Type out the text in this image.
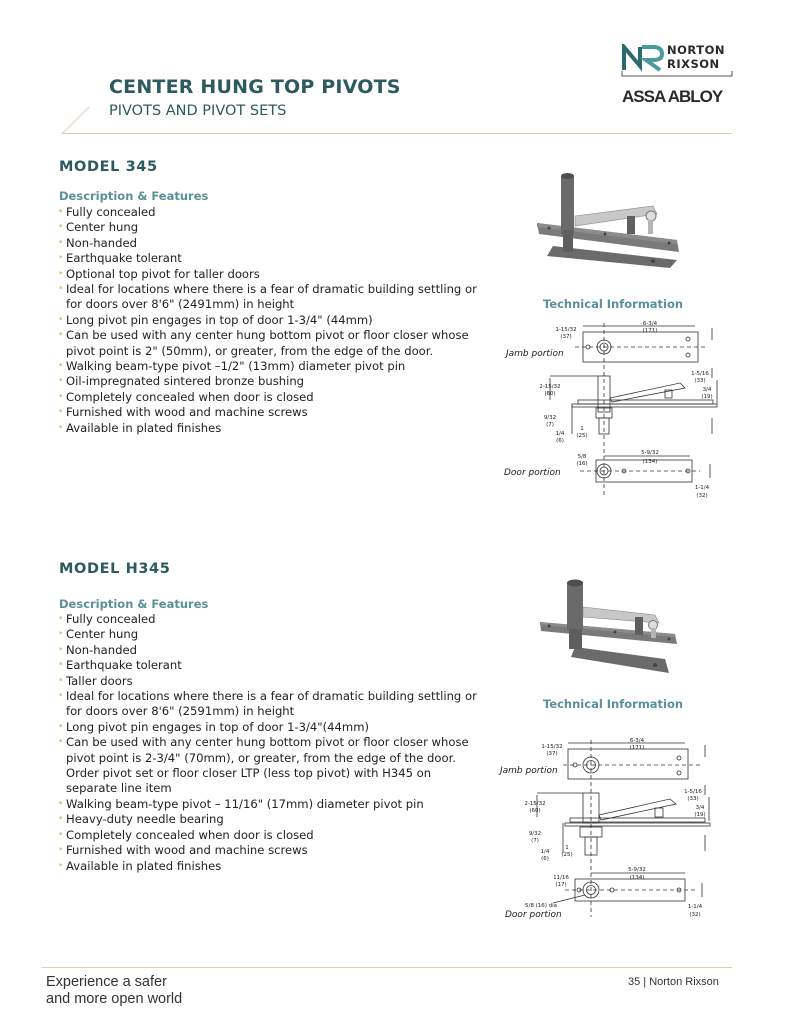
CENTER HUNG TOP PIVOTS
PIVOTS AND PIVOT SETS
NORTON
RIXSON
ASSA ABLOY
MODEL 345
Description & Features
• Fully concealed
• Center hung
• Non-handed
• Earthquake tolerant
• Optional top pivot for taller doors
• Ideal for locations where there is a fear of dramatic building settling or for doors over 8'6" (2491mm) in height
• Long pivot pin engages in top of door 1-3/4" (44mm)
• Can be used with any center hung bottom pivot or floor closer whose pivot point is 2" (50mm), or greater, from the edge of the door.
• Walking beam-type pivot –1/2" (13mm) diameter pivot pin
• Oil-impregnated sintered bronze bushing
• Completely concealed when door is closed
• Furnished with wood and machine screws
• Available in plated finishes
Technical Information
1-15/32
(37)
6-3/4
(171)
1-5/16
(33)
3/4
(19)
2-15/32
(60)
9/32
(7)
1/4
(6)
1
(25)
5/8
(16)
5-9/32
(134)
1-1/4
(32)
Jamb portion
Door portion
MODEL H345
Description & Features
• Fully concealed
• Center hung
• Non-handed
• Earthquake tolerant
• Taller doors
• Ideal for locations where there is a fear of dramatic building settling or for doors over 8'6" (2591mm) in height
• Long pivot pin engages in top of door 1-3/4"(44mm)
• Can be used with any center hung bottom pivot or floor closer whose pivot point is 2-3/4" (70mm), or greater, from the edge of the door. Order pivot set or floor closer LTP (less top pivot) with H345 on separate line item
• Walking beam-type pivot – 11/16" (17mm) diameter pivot pin
• Heavy-duty needle bearing
• Completely concealed when door is closed
• Furnished with wood and machine screws
• Available in plated finishes
Technical Information
1-15/32
(37)
6-3/4
(171)
1-5/16
(33)
3/4
(19)
2-15/32
(60)
9/32
(7)
1/4
(6)
1
(25)
11/16
(17)
5-9/32
(134)
1-1/4
(32)
5/8 (16) dia
Jamb portion
Door portion
Experience a safer
and more open world
35 | Norton Rixson
